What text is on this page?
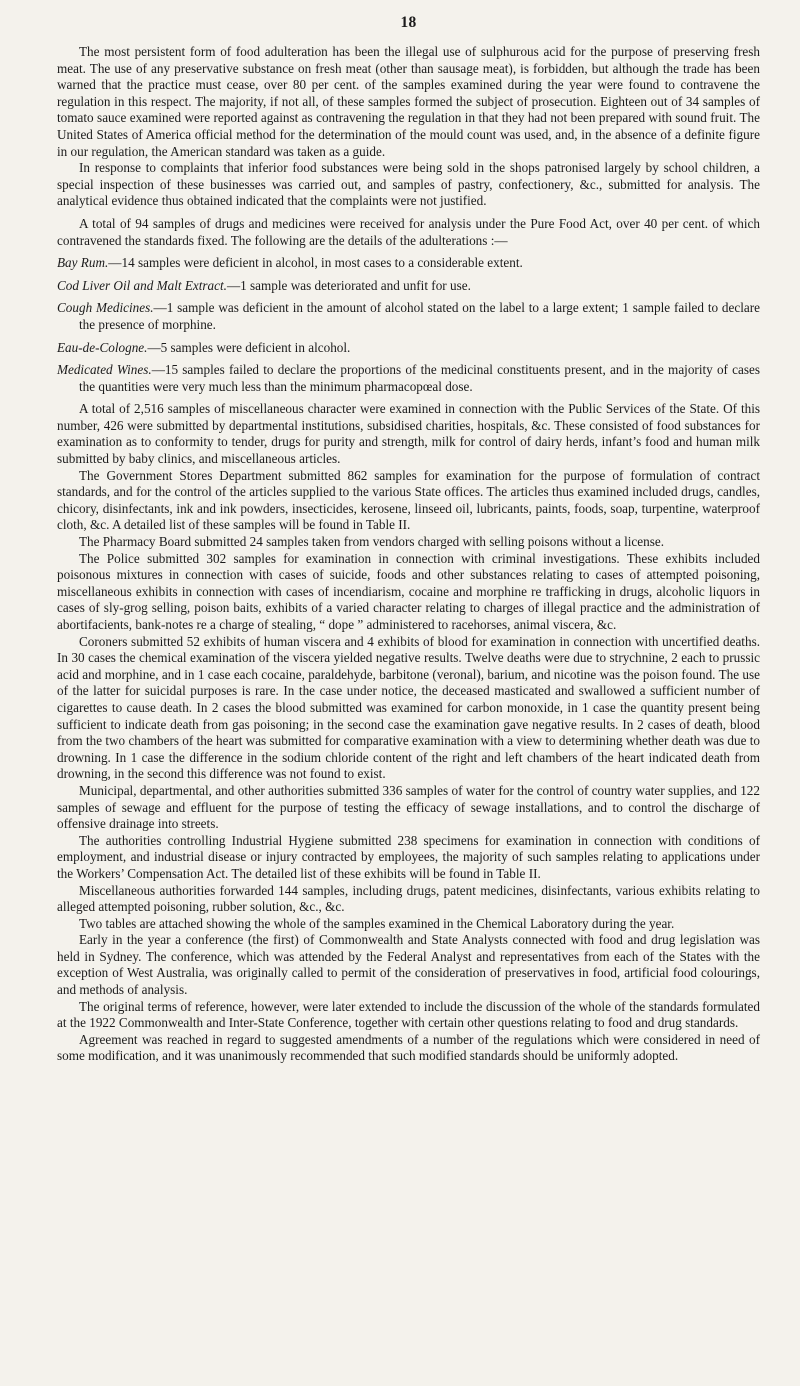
18

The most persistent form of food adulteration has been the illegal use of sulphurous acid for the purpose of preserving fresh meat. The use of any preservative substance on fresh meat (other than sausage meat), is forbidden, but although the trade has been warned that the practice must cease, over 80 per cent. of the samples examined during the year were found to contravene the regulation in this respect. The majority, if not all, of these samples formed the subject of prosecution. Eighteen out of 34 samples of tomato sauce examined were reported against as contravening the regulation in that they had not been prepared with sound fruit. The United States of America official method for the determination of the mould count was used, and, in the absence of a definite figure in our regulation, the American standard was taken as a guide.

In response to complaints that inferior food substances were being sold in the shops patronised largely by school children, a special inspection of these businesses was carried out, and samples of pastry, confectionery, &c., submitted for analysis. The analytical evidence thus obtained indicated that the complaints were not justified.

A total of 94 samples of drugs and medicines were received for analysis under the Pure Food Act, over 40 per cent. of which contravened the standards fixed. The following are the details of the adulterations :—

Bay Rum.—14 samples were deficient in alcohol, in most cases to a considerable extent.

Cod Liver Oil and Malt Extract.—1 sample was deteriorated and unfit for use.

Cough Medicines.—1 sample was deficient in the amount of alcohol stated on the label to a large extent; 1 sample failed to declare the presence of morphine.

Eau-de-Cologne.—5 samples were deficient in alcohol.

Medicated Wines.—15 samples failed to declare the proportions of the medicinal constituents present, and in the majority of cases the quantities were very much less than the minimum pharmacopœal dose.

A total of 2,516 samples of miscellaneous character were examined in connection with the Public Services of the State. Of this number, 426 were submitted by departmental institutions, subsidised charities, hospitals, &c. These consisted of food substances for examination as to conformity to tender, drugs for purity and strength, milk for control of dairy herds, infant’s food and human milk submitted by baby clinics, and miscellaneous articles.

The Government Stores Department submitted 862 samples for examination for the purpose of formulation of contract standards, and for the control of the articles supplied to the various State offices. The articles thus examined included drugs, candles, chicory, disinfectants, ink and ink powders, insecticides, kerosene, linseed oil, lubricants, paints, foods, soap, turpentine, waterproof cloth, &c. A detailed list of these samples will be found in Table II.

The Pharmacy Board submitted 24 samples taken from vendors charged with selling poisons without a license.

The Police submitted 302 samples for examination in connection with criminal investigations. These exhibits included poisonous mixtures in connection with cases of suicide, foods and other substances relating to cases of attempted poisoning, miscellaneous exhibits in connection with cases of incendiarism, cocaine and morphine re trafficking in drugs, alcoholic liquors in cases of sly-grog selling, poison baits, exhibits of a varied character relating to charges of illegal practice and the administration of abortifacients, bank-notes re a charge of stealing, “ dope ” administered to racehorses, animal viscera, &c.

Coroners submitted 52 exhibits of human viscera and 4 exhibits of blood for examination in connection with uncertified deaths. In 30 cases the chemical examination of the viscera yielded negative results. Twelve deaths were due to strychnine, 2 each to prussic acid and morphine, and in 1 case each cocaine, paraldehyde, barbitone (veronal), barium, and nicotine was the poison found. The use of the latter for suicidal purposes is rare. In the case under notice, the deceased masticated and swallowed a sufficient number of cigarettes to cause death. In 2 cases the blood submitted was examined for carbon monoxide, in 1 case the quantity present being sufficient to indicate death from gas poisoning; in the second case the examination gave negative results. In 2 cases of death, blood from the two chambers of the heart was submitted for comparative examination with a view to determining whether death was due to drowning. In 1 case the difference in the sodium chloride content of the right and left chambers of the heart indicated death from drowning, in the second this difference was not found to exist.

Municipal, departmental, and other authorities submitted 336 samples of water for the control of country water supplies, and 122 samples of sewage and effluent for the purpose of testing the efficacy of sewage installations, and to control the discharge of offensive drainage into streets.

The authorities controlling Industrial Hygiene submitted 238 specimens for examination in connection with conditions of employment, and industrial disease or injury contracted by employees, the majority of such samples relating to applications under the Workers’ Compensation Act. The detailed list of these exhibits will be found in Table II.

Miscellaneous authorities forwarded 144 samples, including drugs, patent medicines, disinfectants, various exhibits relating to alleged attempted poisoning, rubber solution, &c., &c.

Two tables are attached showing the whole of the samples examined in the Chemical Laboratory during the year.

Early in the year a conference (the first) of Commonwealth and State Analysts connected with food and drug legislation was held in Sydney. The conference, which was attended by the Federal Analyst and representatives from each of the States with the exception of West Australia, was originally called to permit of the consideration of preservatives in food, artificial food colourings, and methods of analysis.

The original terms of reference, however, were later extended to include the discussion of the whole of the standards formulated at the 1922 Commonwealth and Inter-State Conference, together with certain other questions relating to food and drug standards.

Agreement was reached in regard to suggested amendments of a number of the regulations which were considered in need of some modification, and it was unanimously recommended that such modified standards should be uniformly adopted.
